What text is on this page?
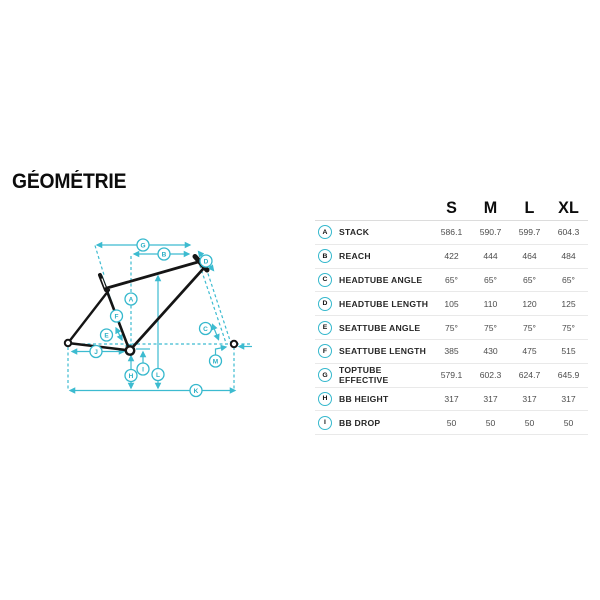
GÉOMÉTRIE
G
B
D
A
F
E
C
J
I
H	L
M
K
S	M	L	XL
A	STACK	586.1	590.7	599.7	604.3
B	REACH	422	444	464	484
C	HEADTUBE ANGLE	65°	65°	65°	65°
D	HEADTUBE LENGTH	105	110	120	125
E	SEATTUBE ANGLE	75°	75°	75°	75°
F	SEATTUBE LENGTH	385	430	475	515
G	TOPTUBE EFFECTIVE	579.1	602.3	624.7	645.9
H	BB HEIGHT	317	317	317	317
I	BB DROP	50	50	50	50
